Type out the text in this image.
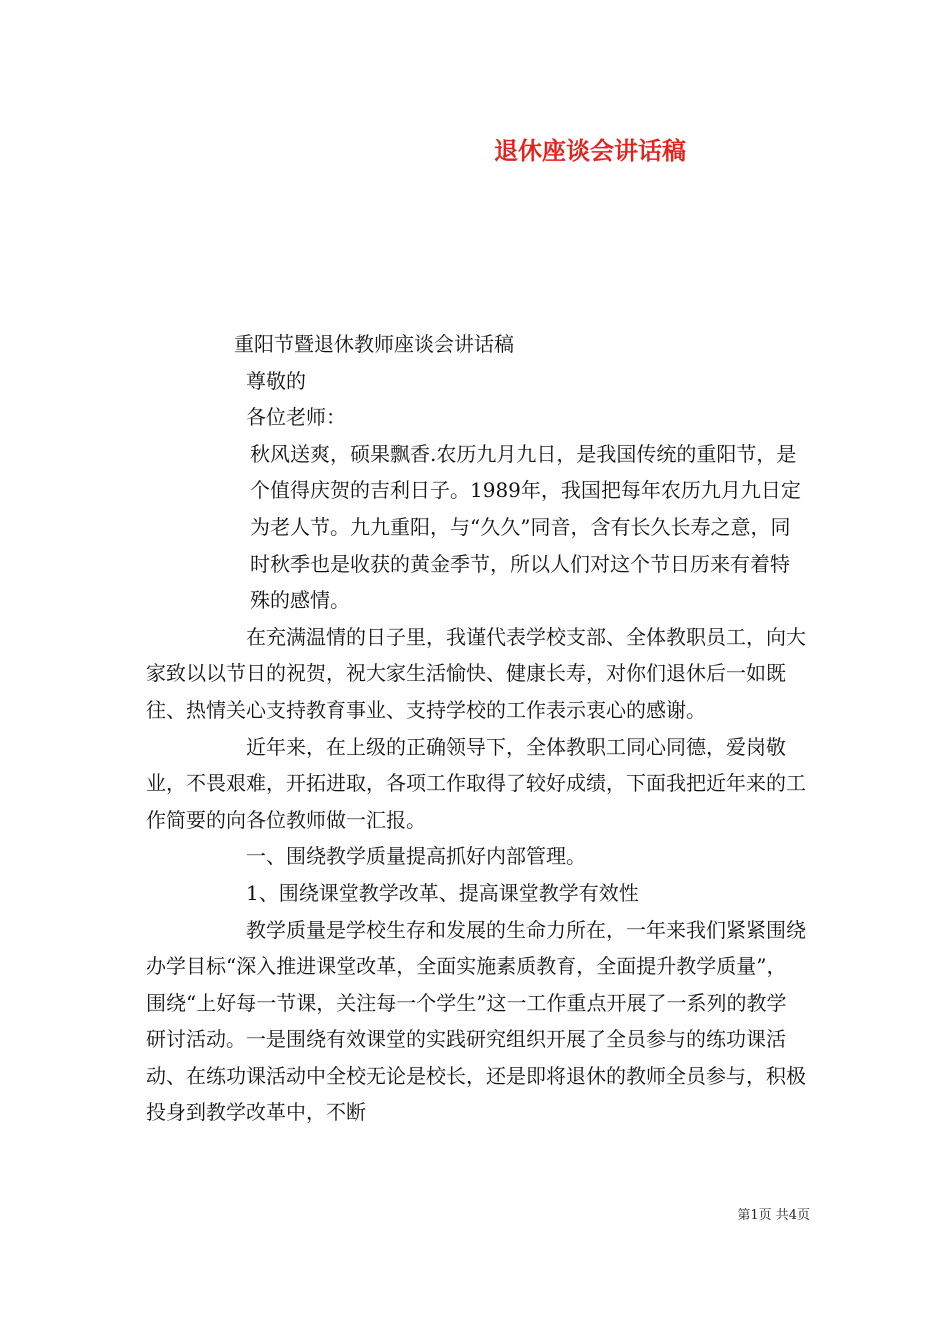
退休座谈会讲话稿

重阳节暨退休教师座谈会讲话稿

尊敬的

各位老师：

秋风送爽，硕果飘香.农历九月九日，是我国传统的重阳节，是个值得庆贺的吉利日子。1989年，我国把每年农历九月九日定为老人节。九九重阳，与“久久”同音，含有长久长寿之意，同时秋季也是收获的黄金季节，所以人们对这个节日历来有着特殊的感情。

在充满温情的日子里，我谨代表学校支部、全体教职员工，向大家致以以节日的祝贺，祝大家生活愉快、健康长寿，对你们退休后一如既往、热情关心支持教育事业、支持学校的工作表示衷心的感谢。

近年来，在上级的正确领导下，全体教职工同心同德，爱岗敬业，不畏艰难，开拓进取，各项工作取得了较好成绩，下面我把近年来的工作简要的向各位教师做一汇报。

一、围绕教学质量提高抓好内部管理。

1、围绕课堂教学改革、提高课堂教学有效性

教学质量是学校生存和发展的生命力所在，一年来我们紧紧围绕办学目标“深入推进课堂改革，全面实施素质教育，全面提升教学质量”，围绕“上好每一节课，关注每一个学生”这一工作重点开展了一系列的教学研讨活动。一是围绕有效课堂的实践研究组织开展了全员参与的练功课活动、在练功课活动中全校无论是校长，还是即将退休的教师全员参与，积极投身到教学改革中，不断

第1页 共4页
